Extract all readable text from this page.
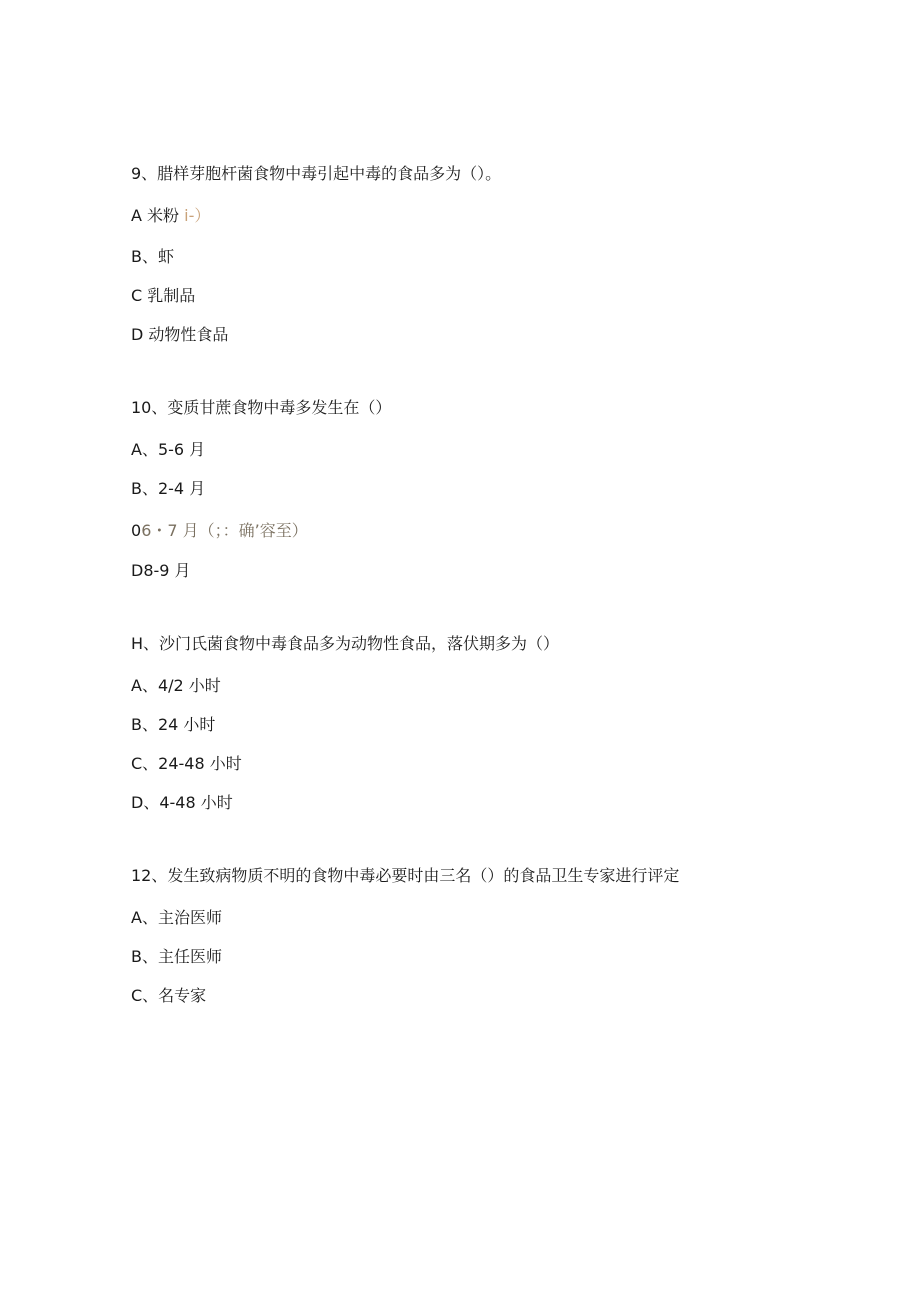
9、腊样芽胞杆菌食物中毒引起中毒的食品多为（）。
A 米粉 i-）
B、虾
C 乳制品
D 动物性食品
10、变质甘蔗食物中毒多发生在（）
A、5-6 月
B、2-4 月
06・7 月（；：确’容至）
D8-9 月
H、沙门氏菌食物中毒食品多为动物性食品，落伏期多为（）
A、4/2 小时
B、24 小时
C、24-48 小时
D、4-48 小时
12、发生致病物质不明的食物中毒必要时由三名（）的食品卫生专家进行评定
A、主治医师
B、主任医师
C、名专家
